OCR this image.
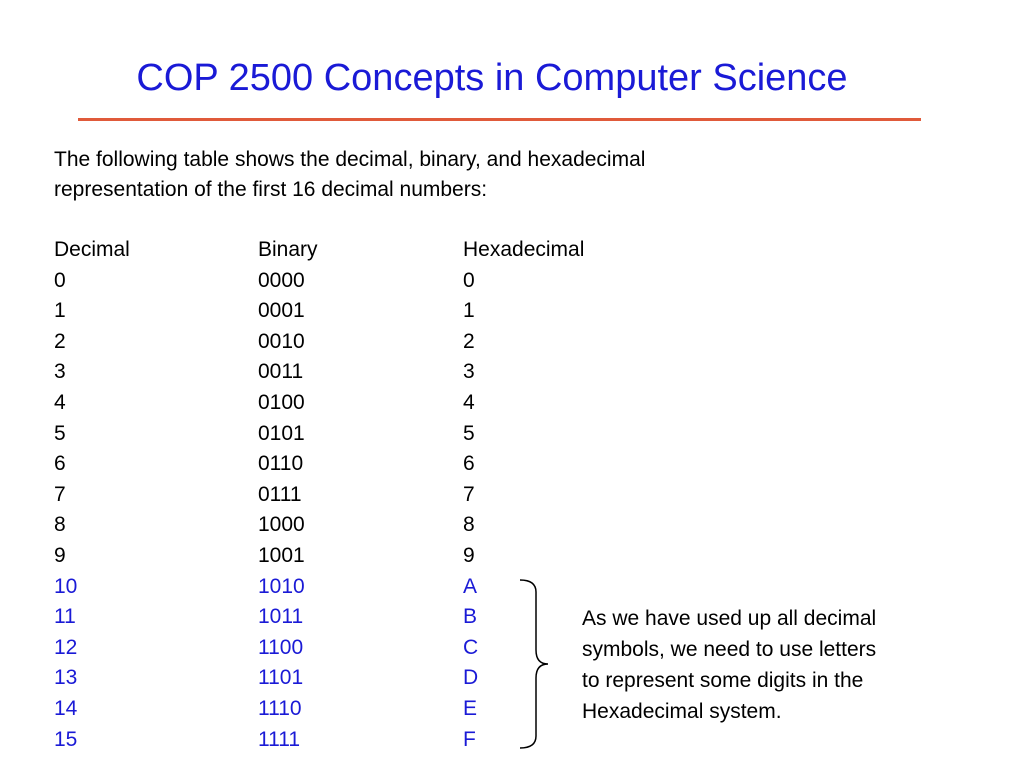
COP 2500 Concepts in Computer Science
The following table shows the decimal, binary, and hexadecimal
representation of the first 16 decimal numbers:
Decimal	Binary	Hexadecimal
0	0000	0
1	0001	1
2	0010	2
3	0011	3
4	0100	4
5	0101	5
6	0110	6
7	0111	7
8	1000	8
9	1001	9
10	1010	A
11	1011	B
12	1100	C
13	1101	D
14	1110	E
15	1111	F
As we have used up all decimal
symbols, we need to use letters
to represent some digits in the
Hexadecimal system.
